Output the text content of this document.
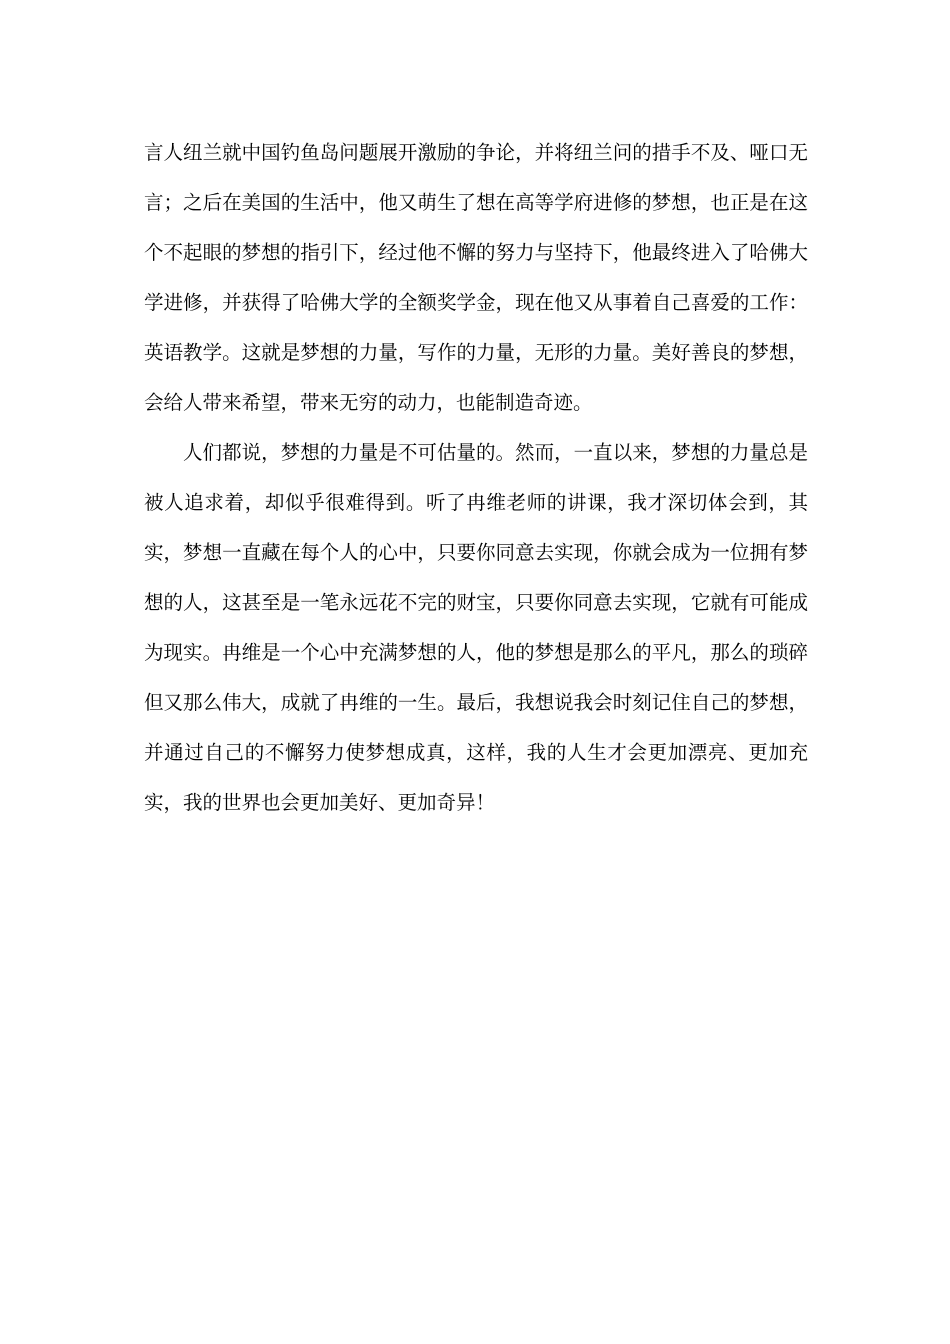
言人纽兰就中国钓鱼岛问题展开激励的争论，并将纽兰问的措手不及、哑口无言；之后在美国的生活中，他又萌生了想在高等学府进修的梦想，也正是在这个不起眼的梦想的指引下，经过他不懈的努力与坚持下，他最终进入了哈佛大学进修，并获得了哈佛大学的全额奖学金，现在他又从事着自己喜爱的工作：英语教学。这就是梦想的力量，写作的力量，无形的力量。美好善良的梦想，会给人带来希望，带来无穷的动力，也能制造奇迹。

人们都说，梦想的力量是不可估量的。然而，一直以来，梦想的力量总是被人追求着，却似乎很难得到。听了冉维老师的讲课，我才深切体会到，其实，梦想一直藏在每个人的心中，只要你同意去实现，你就会成为一位拥有梦想的人，这甚至是一笔永远花不完的财宝，只要你同意去实现，它就有可能成为现实。冉维是一个心中充满梦想的人，他的梦想是那么的平凡，那么的琐碎但又那么伟大，成就了冉维的一生。最后，我想说我会时刻记住自己的梦想，并通过自己的不懈努力使梦想成真，这样，我的人生才会更加漂亮、更加充实，我的世界也会更加美好、更加奇异！
